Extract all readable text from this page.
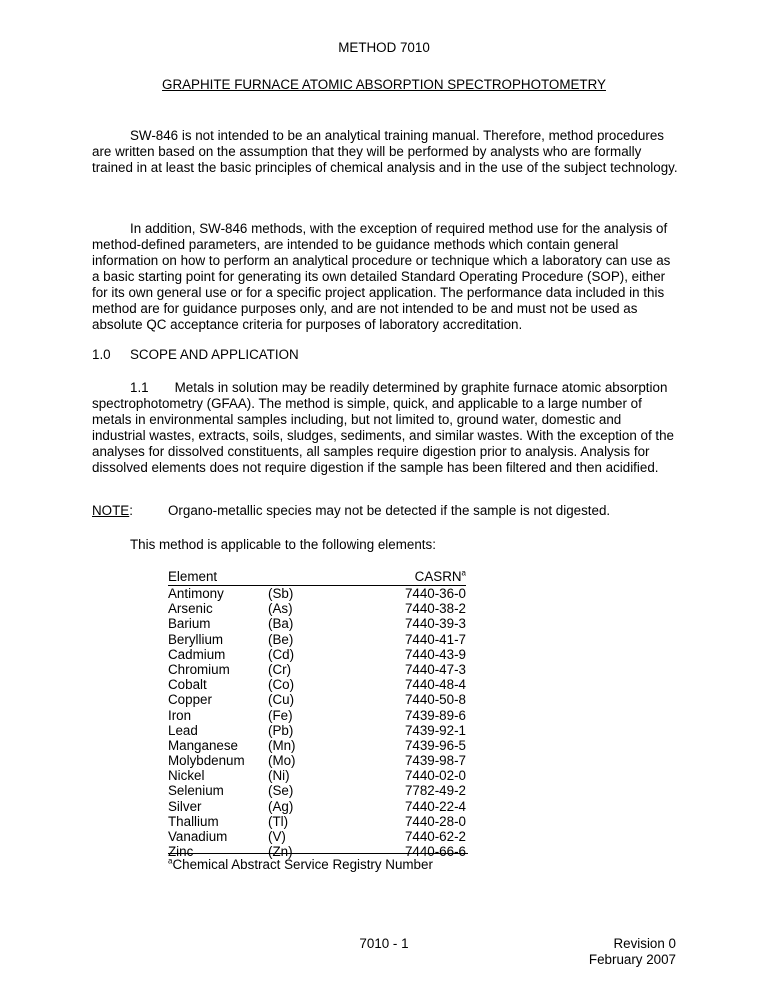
METHOD 7010
GRAPHITE FURNACE ATOMIC ABSORPTION SPECTROPHOTOMETRY
SW-846 is not intended to be an analytical training manual. Therefore, method procedures are written based on the assumption that they will be performed by analysts who are formally trained in at least the basic principles of chemical analysis and in the use of the subject technology.
In addition, SW-846 methods, with the exception of required method use for the analysis of method-defined parameters, are intended to be guidance methods which contain general information on how to perform an analytical procedure or technique which a laboratory can use as a basic starting point for generating its own detailed Standard Operating Procedure (SOP), either for its own general use or for a specific project application. The performance data included in this method are for guidance purposes only, and are not intended to be and must not be used as absolute QC acceptance criteria for purposes of laboratory accreditation.
1.0 SCOPE AND APPLICATION
1.1       Metals in solution may be readily determined by graphite furnace atomic absorption spectrophotometry (GFAA). The method is simple, quick, and applicable to a large number of metals in environmental samples including, but not limited to, ground water, domestic and industrial wastes, extracts, soils, sludges, sediments, and similar wastes. With the exception of the analyses for dissolved constituents, all samples require digestion prior to analysis. Analysis for dissolved elements does not require digestion if the sample has been filtered and then acidified.
NOTE:	Organo-metallic species may not be detected if the sample is not digested.
This method is applicable to the following elements:
Element	CASRN$^a$
Antimony	(Sb)	7440-36-0
Arsenic	(As)	7440-38-2
Barium	(Ba)	7440-39-3
Beryllium	(Be)	7440-41-7
Cadmium	(Cd)	7440-43-9
Chromium	(Cr)	7440-47-3
Cobalt	(Co)	7440-48-4
Copper	(Cu)	7440-50-8
Iron	(Fe)	7439-89-6
Lead	(Pb)	7439-92-1
Manganese (Mn)	7439-96-5
Molybdenum (Mo)	7439-98-7
Nickel	(Ni)	7440-02-0
Selenium	(Se)	7782-49-2
Silver	(Ag)	7440-22-4
Thallium	(Tl)	7440-28-0
Vanadium	(V)	7440-62-2
Zinc	(Zn)	7440-66-6
$^a$Chemical Abstract Service Registry Number
7010 - 1	Revision 0
February 2007
